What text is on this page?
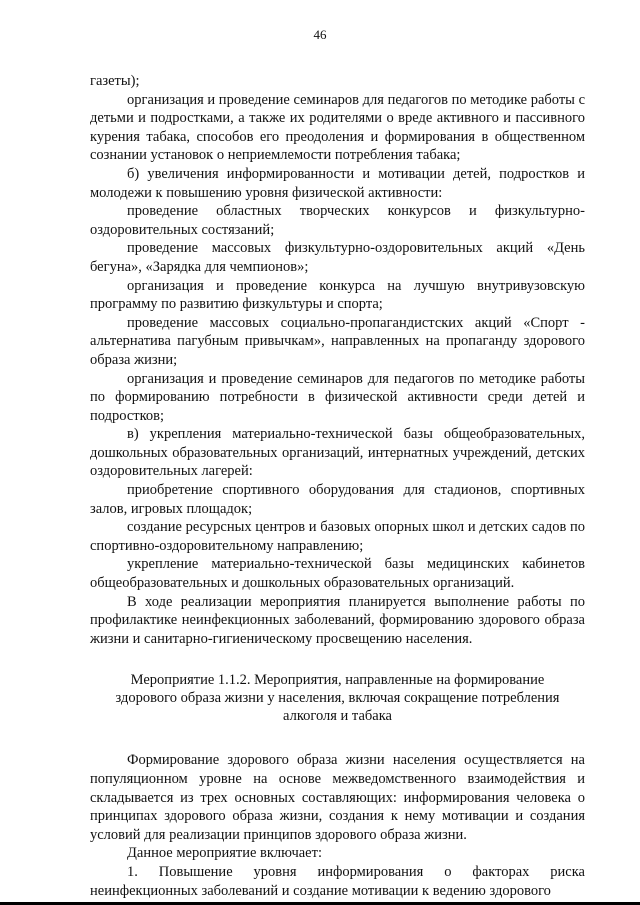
46

газеты);

организация и проведение семинаров для педагогов по методике работы с детьми и подростками, а также их родителями о вреде активного и пассивного курения табака, способов его преодоления и формирования в общественном сознании установок о неприемлемости потребления табака;

б) увеличения информированности и мотивации детей, подростков и молодежи к повышению уровня физической активности:

проведение областных творческих конкурсов и физкультурно-оздоровительных состязаний;

проведение массовых физкультурно-оздоровительных акций «День бегуна», «Зарядка для чемпионов»;

организация и проведение конкурса на лучшую внутривузовскую программу по развитию физкультуры и спорта;

проведение массовых социально-пропагандистских акций «Спорт - альтернатива пагубным привычкам», направленных на пропаганду здорового образа жизни;

организация и проведение семинаров для педагогов по методике работы по формированию потребности в физической активности среди детей и подростков;

в) укрепления материально-технической базы общеобразовательных, дошкольных образовательных организаций, интернатных учреждений, детских оздоровительных лагерей:

приобретение спортивного оборудования для стадионов, спортивных залов, игровых площадок;

создание ресурсных центров и базовых опорных школ и детских садов по спортивно-оздоровительному направлению;

укрепление материально-технической базы медицинских кабинетов общеобразовательных и дошкольных образовательных организаций.

В ходе реализации мероприятия планируется выполнение работы по профилактике неинфекционных заболеваний, формированию здорового образа жизни и санитарно-гигиеническому просвещению населения.

Мероприятие 1.1.2. Мероприятия, направленные на формирование здорового образа жизни у населения, включая сокращение потребления алкоголя и табака

Формирование здорового образа жизни населения осуществляется на популяционном уровне на основе межведомственного взаимодействия и складывается из трех основных составляющих: информирования человека о принципах здорового образа жизни, создания к нему мотивации и создания условий для реализации принципов здорового образа жизни.

Данное мероприятие включает:

1. Повышение уровня информирования о факторах риска неинфекционных заболеваний и создание мотивации к ведению здорового
